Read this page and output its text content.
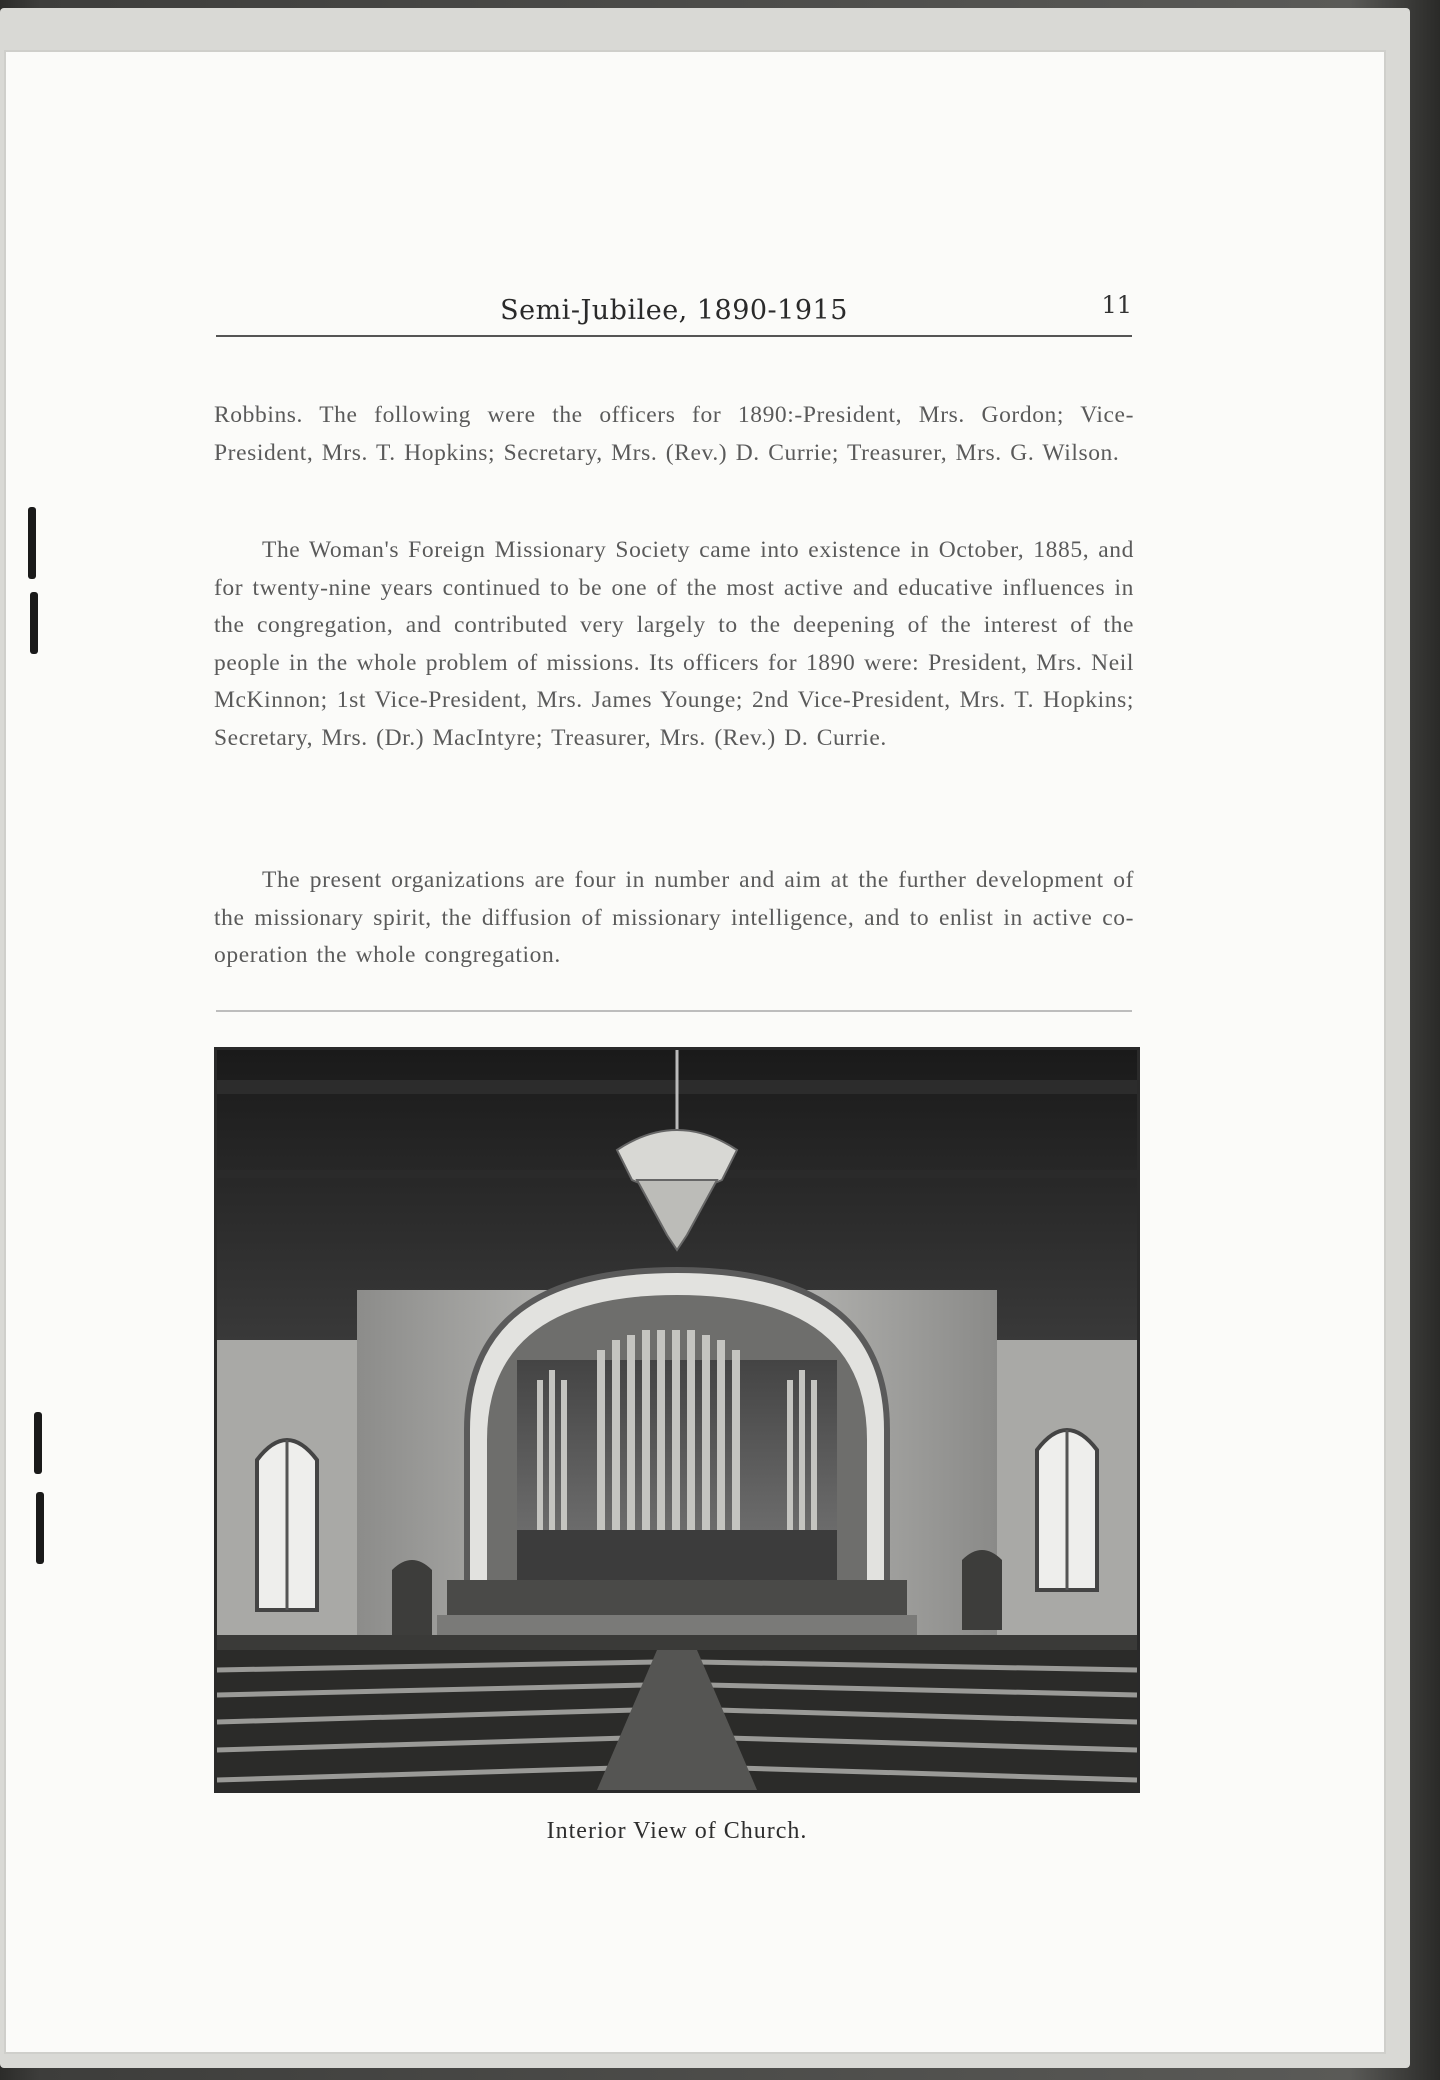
Semi-Jubilee, 1890-1915	11
Robbins. The following were the officers for 1890:-President, Mrs. Gordon; Vice-President, Mrs. T. Hopkins; Secretary, Mrs. (Rev.) D. Currie; Treasurer, Mrs. G. Wilson.
The Woman's Foreign Missionary Society came into existence in October, 1885, and for twenty-nine years continued to be one of the most active and educative influences in the congregation, and contributed very largely to the deepening of the interest of the people in the whole problem of missions. Its officers for 1890 were: President, Mrs. Neil McKinnon; 1st Vice-President, Mrs. James Younge; 2nd Vice-President, Mrs. T. Hopkins; Secretary, Mrs. (Dr.) MacIntyre; Treasurer, Mrs. (Rev.) D. Currie.
The present organizations are four in number and aim at the further development of the missionary spirit, the diffusion of missionary intelligence, and to enlist in active co-operation the whole congregation.
Interior View of Church.
